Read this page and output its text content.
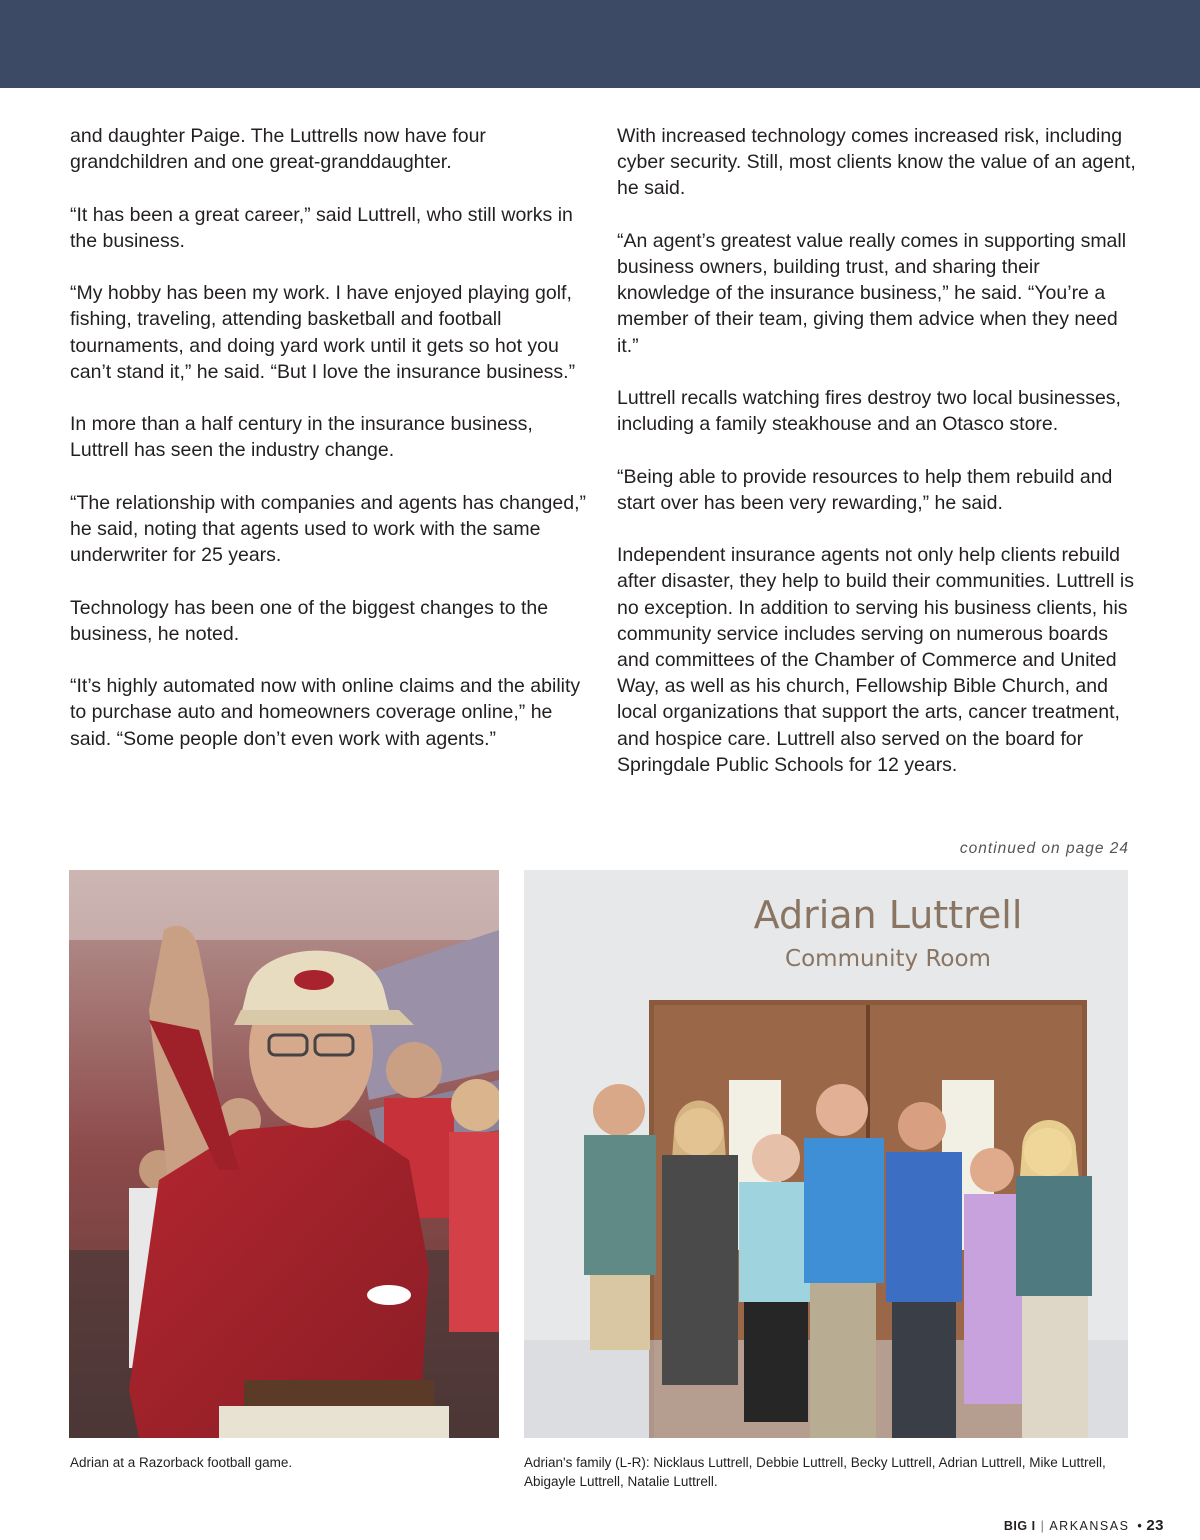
and daughter Paige. The Luttrells now have four grandchildren and one great-granddaughter.

“It has been a great career,” said Luttrell, who still works in the business.

“My hobby has been my work. I have enjoyed playing golf, fishing, traveling, attending basketball and football tournaments, and doing yard work until it gets so hot you can’t stand it,” he said. “But I love the insurance business.”

In more than a half century in the insurance business, Luttrell has seen the industry change.

“The relationship with companies and agents has changed,” he said, noting that agents used to work with the same underwriter for 25 years.

Technology has been one of the biggest changes to the business, he noted.

“It’s highly automated now with online claims and the ability to purchase auto and homeowners coverage online,” he said. “Some people don’t even work with agents.”

With increased technology comes increased risk, including cyber security. Still, most clients know the value of an agent, he said.

“An agent’s greatest value really comes in supporting small business owners, building trust, and sharing their knowledge of the insurance business,” he said. “You’re a member of their team, giving them advice when they need it.”

Luttrell recalls watching fires destroy two local businesses, including a family steakhouse and an Otasco store.

“Being able to provide resources to help them rebuild and start over has been very rewarding,” he said.

Independent insurance agents not only help clients rebuild after disaster, they help to build their communities. Luttrell is no exception. In addition to serving his business clients, his community service includes serving on numerous boards and committees of the Chamber of Commerce and United Way, as well as his church, Fellowship Bible Church, and local organizations that support the arts, cancer treatment, and hospice care. Luttrell also served on the board for Springdale Public Schools for 12 years.

continued on page 24
Adrian Luttrell
Community Room
Adrian at a Razorback football game.	Adrian's family (L-R): Nicklaus Luttrell, Debbie Luttrell, Becky Luttrell, Adrian Luttrell, Mike Luttrell, Abigayle Luttrell, Natalie Luttrell.
BIG I | ARKANSAS • 23
